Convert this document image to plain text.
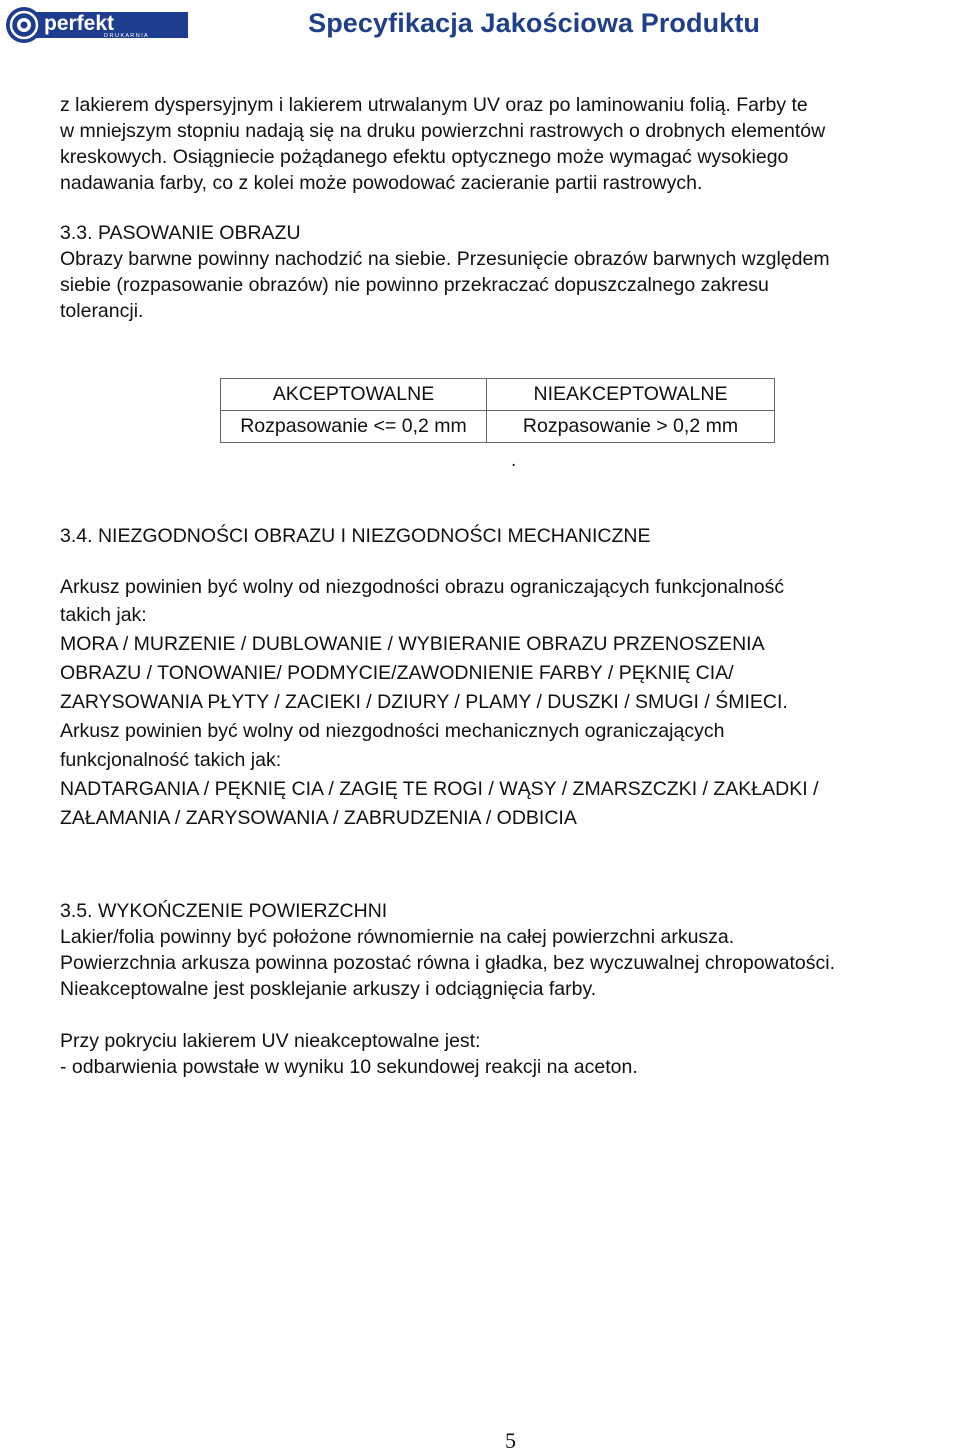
perfekt
D R U K A R N I A	Specyfikacja Jakościowa Produktu
z lakierem dyspersyjnym i lakierem utrwalanym UV oraz po laminowaniu folią. Farby te
w mniejszym stopniu nadają się na druku powierzchni rastrowych o drobnych elementów
kreskowych. Osiągniecie pożądanego efektu optycznego może wymagać wysokiego
nadawania farby, co z kolei może powodować zacieranie partii rastrowych.
3.3. PASOWANIE OBRAZU
Obrazy barwne powinny nachodzić na siebie. Przesunięcie obrazów barwnych względem
siebie (rozpasowanie obrazów) nie powinno przekraczać dopuszczalnego zakresu
tolerancji.
AKCEPTOWALNE	NIEAKCEPTOWALNE
Rozpasowanie <= 0,2 mm	Rozpasowanie > 0,2 mm
.
3.4. NIEZGODNOŚCI OBRAZU I NIEZGODNOŚCI MECHANICZNE
Arkusz powinien być wolny od niezgodności obrazu ograniczających funkcjonalność
takich jak:
MORA / MURZENIE / DUBLOWANIE / WYBIERANIE OBRAZU PRZENOSZENIA
OBRAZU / TONOWANIE/ PODMYCIE/ZAWODNIENIE FARBY / PĘKNIĘ CIA/
ZARYSOWANIA PŁYTY / ZACIEKI / DZIURY / PLAMY / DUSZKI / SMUGI / ŚMIECI.
Arkusz powinien być wolny od niezgodności mechanicznych ograniczających
funkcjonalność takich jak:
NADTARGANIA / PĘKNIĘ CIA / ZAGIĘ TE ROGI / WĄSY / ZMARSZCZKI / ZAKŁADKI /
ZAŁAMANIA / ZARYSOWANIA / ZABRUDZENIA / ODBICIA
3.5. WYKOŃCZENIE POWIERZCHNI
Lakier/folia powinny być położone równomiernie na całej powierzchni arkusza.
Powierzchnia arkusza powinna pozostać równa i gładka, bez wyczuwalnej chropowatości.
Nieakceptowalne jest posklejanie arkuszy i odciągnięcia farby.
Przy pokryciu lakierem UV nieakceptowalne jest:
- odbarwienia powstałe w wyniku 10 sekundowej reakcji na aceton.
5
